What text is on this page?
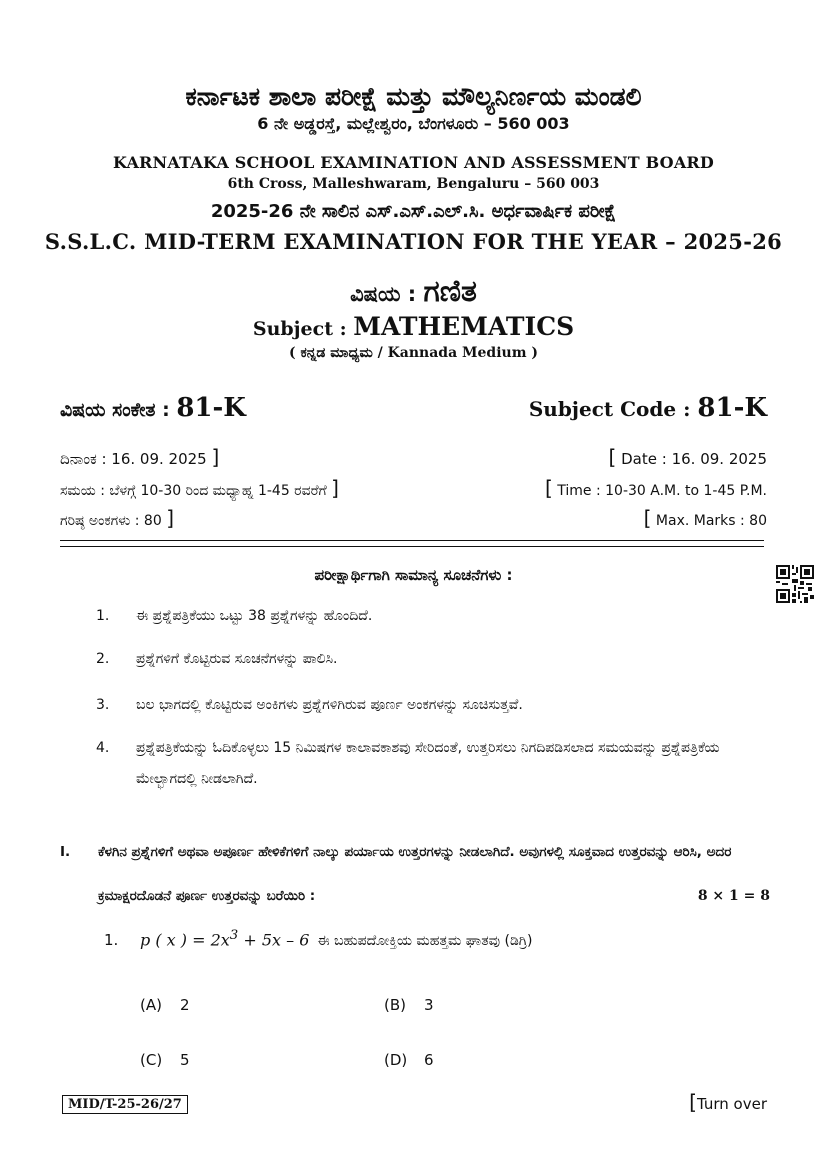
ಕರ್ನಾಟಕ ಶಾಲಾ ಪರೀಕ್ಷೆ ಮತ್ತು ಮೌಲ್ಯನಿರ್ಣಯ ಮಂಡಲಿ
6 ನೇ ಅಡ್ಡರಸ್ತೆ, ಮಲ್ಲೇಶ್ವರಂ, ಬೆಂಗಳೂರು – 560 003
KARNATAKA SCHOOL EXAMINATION AND ASSESSMENT BOARD
6th Cross, Malleshwaram, Bengaluru – 560 003
2025-26 ನೇ ಸಾಲಿನ ಎಸ್.ಎಸ್.ಎಲ್.ಸಿ. ಅರ್ಧವಾರ್ಷಿಕ ಪರೀಕ್ಷೆ
S.S.L.C. MID-TERM EXAMINATION FOR THE YEAR – 2025-26
ವಿಷಯ : ಗಣಿತ
Subject : MATHEMATICS
( ಕನ್ನಡ ಮಾಧ್ಯಮ / Kannada Medium )
ವಿಷಯ ಸಂಕೇತ : 81-K	Subject Code : 81-K
ದಿನಾಂಕ : 16. 09. 2025 ]	[ Date : 16. 09. 2025
ಸಮಯ : ಬೆಳಗ್ಗೆ 10-30 ರಿಂದ ಮಧ್ಯಾಹ್ನ 1-45 ರವರೆಗೆ ]	[ Time : 10-30 A.M. to 1-45 P.M.
ಗರಿಷ್ಠ ಅಂಕಗಳು : 80 ]	[ Max. Marks : 80
ಪರೀಕ್ಷಾರ್ಥಿಗಾಗಿ ಸಾಮಾನ್ಯ ಸೂಚನೆಗಳು :
1.	ಈ ಪ್ರಶ್ನೆಪತ್ರಿಕೆಯು ಒಟ್ಟು 38 ಪ್ರಶ್ನೆಗಳನ್ನು ಹೊಂದಿದೆ.
2.	ಪ್ರಶ್ನೆಗಳಿಗೆ ಕೊಟ್ಟಿರುವ ಸೂಚನೆಗಳನ್ನು ಪಾಲಿಸಿ.
3.	ಬಲ ಭಾಗದಲ್ಲಿ ಕೊಟ್ಟಿರುವ ಅಂಕಿಗಳು ಪ್ರಶ್ನೆಗಳಿಗಿರುವ ಪೂರ್ಣ ಅಂಕಗಳನ್ನು ಸೂಚಿಸುತ್ತವೆ.
4.	ಪ್ರಶ್ನೆಪತ್ರಿಕೆಯನ್ನು ಓದಿಕೊಳ್ಳಲು 15 ನಿಮಿಷಗಳ ಕಾಲಾವಕಾಶವು ಸೇರಿದಂತೆ, ಉತ್ತರಿಸಲು ನಿಗದಿಪಡಿಸಲಾದ ಸಮಯವನ್ನು ಪ್ರಶ್ನೆಪತ್ರಿಕೆಯ ಮೇಲ್ಭಾಗದಲ್ಲಿ ನೀಡಲಾಗಿದೆ.
I.	ಕೆಳಗಿನ ಪ್ರಶ್ನೆಗಳಿಗೆ ಅಥವಾ ಅಪೂರ್ಣ ಹೇಳಿಕೆಗಳಿಗೆ ನಾಲ್ಕು ಪರ್ಯಾಯ ಉತ್ತರಗಳನ್ನು ನೀಡಲಾಗಿದೆ. ಅವುಗಳಲ್ಲಿ ಸೂಕ್ತವಾದ ಉತ್ತರವನ್ನು ಆರಿಸಿ, ಅದರ ಕ್ರಮಾಕ್ಷರದೊಡನೆ ಪೂರ್ಣ ಉತ್ತರವನ್ನು ಬರೆಯಿರಿ :	8 × 1 = 8
1.	p ( x ) = $2x^3 + 5x - 6$ ಈ ಬಹುಪದೋಕ್ತಿಯ ಮಹತ್ತಮ ಘಾತವು (ಡಿಗ್ರಿ)
(A) 2	(B) 3
(C) 5	(D) 6
MID/T-25-26/27	[Turn over
